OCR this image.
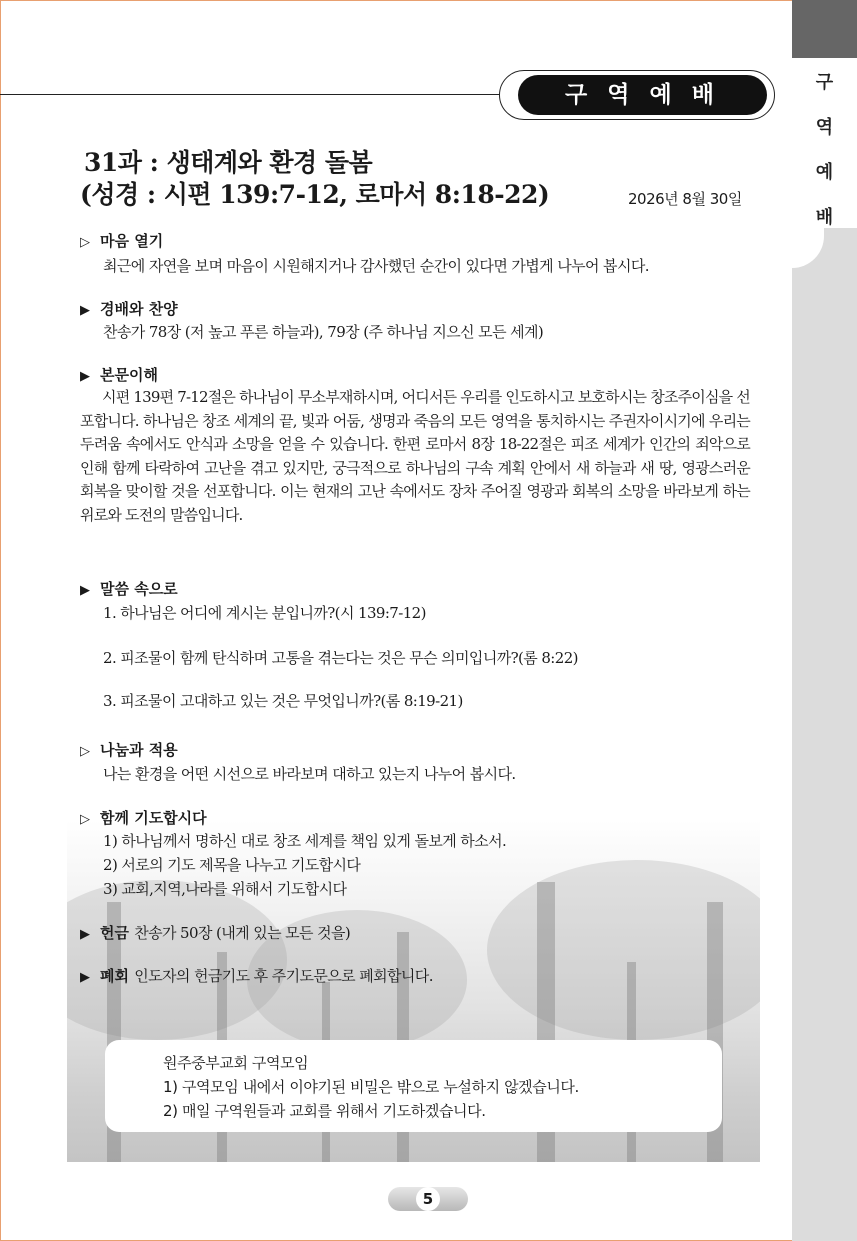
구
역
예
배
구 역 예 배
31과 : 생태계와 환경 돌봄
(성경 : 시편 139:7-12, 로마서 8:18-22)	2026년 8월 30일
▷ 마음 열기
최근에 자연을 보며 마음이 시원해지거나 감사했던 순간이 있다면 가볍게 나누어 봅시다.
▶ 경배와 찬양
찬송가 78장 (저 높고 푸른 하늘과), 79장 (주 하나님 지으신 모든 세계)
▶ 본문이해
시편 139편 7-12절은 하나님이 무소부재하시며, 어디서든 우리를 인도하시고 보호하시는 창조주이심을 선포합니다. 하나님은 창조 세계의 끝, 빛과 어둠, 생명과 죽음의 모든 영역을 통치하시는 주권자이시기에 우리는 두려움 속에서도 안식과 소망을 얻을 수 있습니다. 한편 로마서 8장 18-22절은 피조 세계가 인간의 죄악으로 인해 함께 타락하여 고난을 겪고 있지만, 궁극적으로 하나님의 구속 계획 안에서 새 하늘과 새 땅, 영광스러운 회복을 맞이할 것을 선포합니다. 이는 현재의 고난 속에서도 장차 주어질 영광과 회복의 소망을 바라보게 하는 위로와 도전의 말씀입니다.
▶ 말씀 속으로
1. 하나님은 어디에 계시는 분입니까?(시 139:7-12)
2. 피조물이 함께 탄식하며 고통을 겪는다는 것은 무슨 의미입니까?(롬 8:22)
3. 피조물이 고대하고 있는 것은 무엇입니까?(롬 8:19-21)
▷ 나눔과 적용
나는 환경을 어떤 시선으로 바라보며 대하고 있는지 나누어 봅시다.
▷ 함께 기도합시다
1) 하나님께서 명하신 대로 창조 세계를 책임 있게 돌보게 하소서.
2) 서로의 기도 제목을 나누고 기도합시다
3) 교회,지역,나라를 위해서 기도합시다
▶ 헌금 찬송가 50장 (내게 있는 모든 것을)
▶ 폐회 인도자의 헌금기도 후 주기도문으로 폐회합니다.
원주중부교회 구역모임
1) 구역모임 내에서 이야기된 비밀은 밖으로 누설하지 않겠습니다.
2) 매일 구역원들과 교회를 위해서 기도하겠습니다.
5
